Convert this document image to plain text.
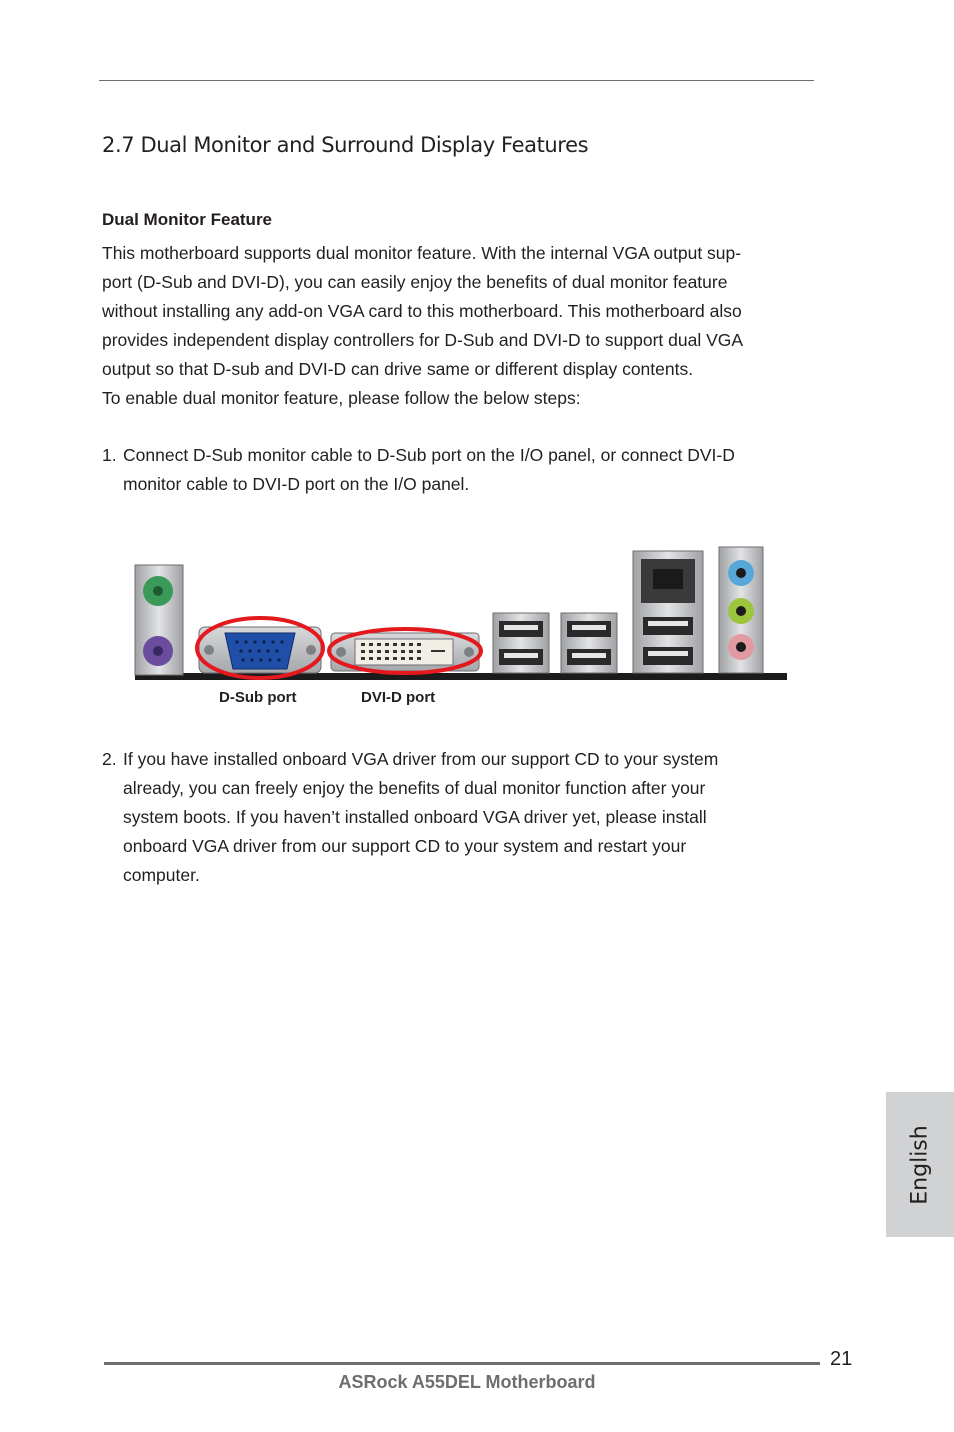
2.7 Dual Monitor and Surround Display Features
Dual Monitor Feature
This motherboard supports dual monitor feature. With the internal VGA output sup-
port (D-Sub and DVI-D), you can easily enjoy the benefits of dual monitor feature
without installing any add-on VGA card to this motherboard. This motherboard also
provides independent display controllers for D-Sub and DVI-D to support dual VGA
output so that D-sub and DVI-D can drive same or different display contents.
To enable dual monitor feature, please follow the below steps:
1. Connect D-Sub monitor cable to D-Sub port on the I/O panel, or connect DVI-D
monitor cable to DVI-D port on the I/O panel.
D-Sub port	DVI-D port
2. If you have installed onboard VGA driver from our support CD to your system
already, you can freely enjoy the benefits of dual monitor function after your
system boots. If you haven’t installed onboard VGA driver yet, please install
onboard VGA driver from our support CD to your system and restart your
computer.
English
21
ASRock A55DEL Motherboard
